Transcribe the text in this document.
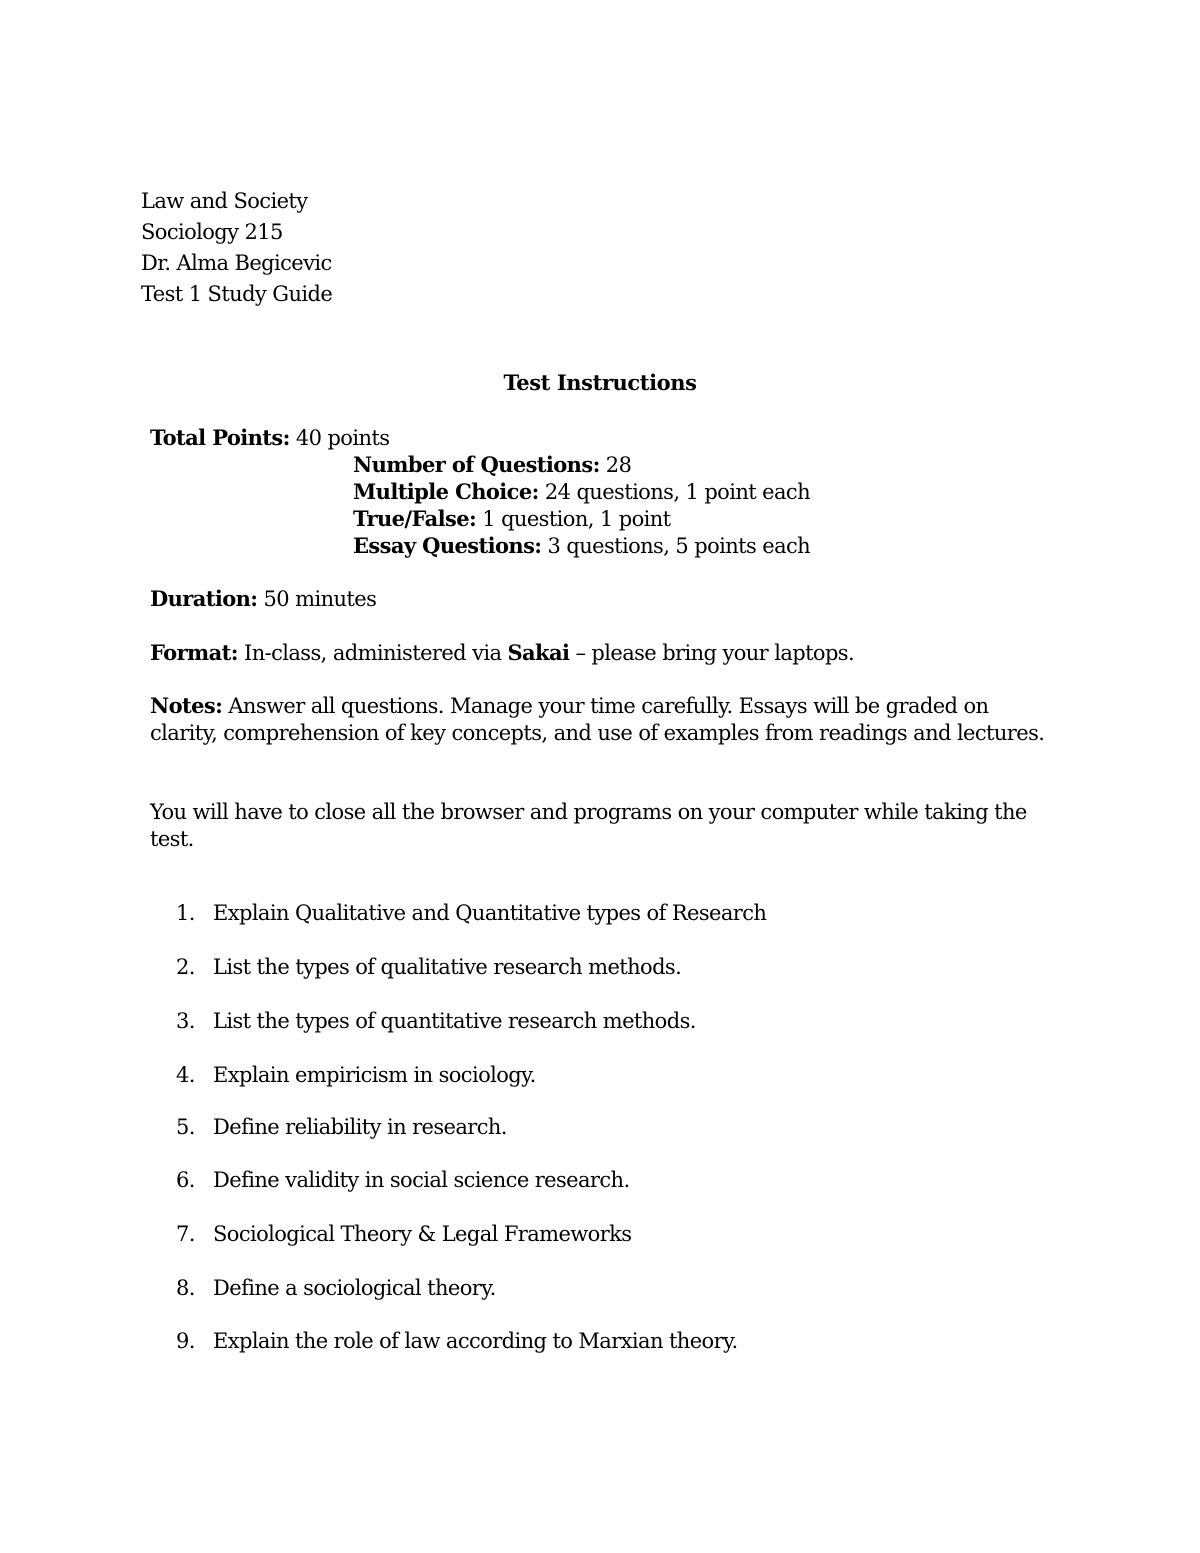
Law and Society
Sociology 215
Dr. Alma Begicevic
Test 1 Study Guide
Test Instructions
Total Points: 40 points
Number of Questions: 28
Multiple Choice: 24 questions, 1 point each
True/False: 1 question, 1 point
Essay Questions: 3 questions, 5 points each
Duration: 50 minutes
Format: In-class, administered via Sakai – please bring your laptops.
Notes: Answer all questions. Manage your time carefully. Essays will be graded on clarity, comprehension of key concepts, and use of examples from readings and lectures.
You will have to close all the browser and programs on your computer while taking the test.
1. Explain Qualitative and Quantitative types of Research
2. List the types of qualitative research methods.
3. List the types of quantitative research methods.
4. Explain empiricism in sociology.
5. Define reliability in research.
6. Define validity in social science research.
7. Sociological Theory & Legal Frameworks
8. Define a sociological theory.
9. Explain the role of law according to Marxian theory.
